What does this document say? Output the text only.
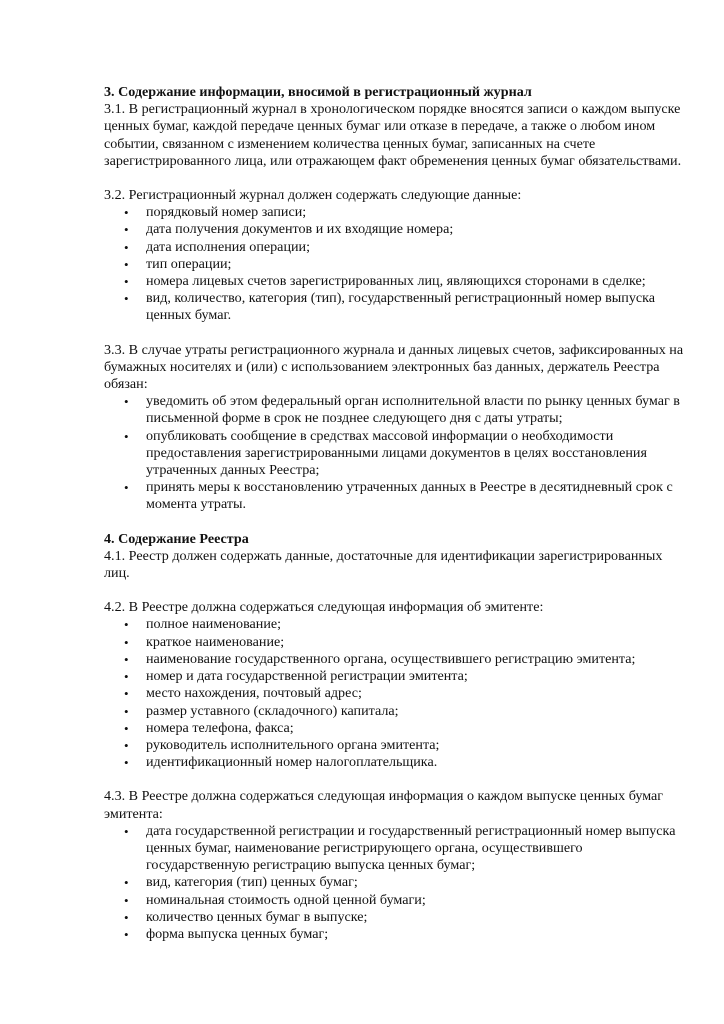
3. Содержание информации, вносимой в регистрационный журнал

3.1. В регистрационный журнал в хронологическом порядке вносятся записи о каждом выпуске ценных бумаг, каждой передаче ценных бумаг или отказе в передаче, а также о любом ином событии, связанном с изменением количества ценных бумаг, записанных на счете зарегистрированного лица, или отражающем факт обременения ценных бумаг обязательствами.

3.2. Регистрационный журнал должен содержать следующие данные:

• порядковый номер записи;
• дата получения документов и их входящие номера;
• дата исполнения операции;
• тип операции;
• номера лицевых счетов зарегистрированных лиц, являющихся сторонами в сделке;
• вид, количество, категория (тип), государственный регистрационный номер выпуска ценных бумаг.

3.3. В случае утраты регистрационного журнала и данных лицевых счетов, зафиксированных на бумажных носителях и (или) с использованием электронных баз данных, держатель Реестра обязан:

• уведомить об этом федеральный орган исполнительной власти по рынку ценных бумаг в письменной форме в срок не позднее следующего дня с даты утраты;
• опубликовать сообщение в средствах массовой информации о необходимости предоставления зарегистрированными лицами документов в целях восстановления утраченных данных Реестра;
• принять меры к восстановлению утраченных данных в Реестре в десятидневный срок с момента утраты.

4. Содержание Реестра

4.1. Реестр должен содержать данные, достаточные для идентификации зарегистрированных лиц.

4.2. В Реестре должна содержаться следующая информация об эмитенте:

• полное наименование;
• краткое наименование;
• наименование государственного органа, осуществившего регистрацию эмитента;
• номер и дата государственной регистрации эмитента;
• место нахождения, почтовый адрес;
• размер уставного (складочного) капитала;
• номера телефона, факса;
• руководитель исполнительного органа эмитента;
• идентификационный номер налогоплательщика.

4.3. В Реестре должна содержаться следующая информация о каждом выпуске ценных бумаг эмитента:

• дата государственной регистрации и государственный регистрационный номер выпуска ценных бумаг, наименование регистрирующего органа, осуществившего государственную регистрацию выпуска ценных бумаг;
• вид, категория (тип) ценных бумаг;
• номинальная стоимость одной ценной бумаги;
• количество ценных бумаг в выпуске;
• форма выпуска ценных бумаг;
